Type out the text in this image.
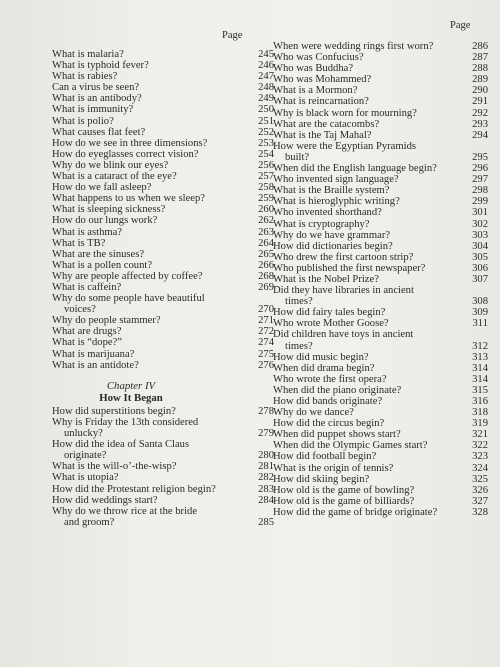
Page
Page
What is malaria?	245
What is typhoid fever?	246
What is rabies?	247
Can a virus be seen?	248
What is an antibody?	249
What is immunity?	250
What is polio?	251
What causes flat feet?	252
How do we see in three dimensions?	253
How do eyeglasses correct vision?	254
Why do we blink our eyes?	256
What is a cataract of the eye?	257
How do we fall asleep?	258
What happens to us when we sleep?	259
What is sleeping sickness?	260
How do our lungs work?	262
What is asthma?	263
What is TB?	264
What are the sinuses?	265
What is a pollen count?	266
Why are people affected by coffee?	268
What is caffein?	269
Why do some people have beautiful
voices?	270
Why do people stammer?	271
What are drugs?	272
What is “dope?”	274
What is marijuana?	275
What is an antidote?	276
Chapter IV
How It Began
How did superstitions begin?	278
Why is Friday the 13th considered
unlucky?	279
How did the idea of Santa Claus
originate?	280
What is the will-o’-the-wisp?	281
What is utopia?	282
How did the Protestant religion begin?	283
How did weddings start?	284
Why do we throw rice at the bride
and groom?	285
When were wedding rings first worn?	286
Who was Confucius?	287
Who was Buddha?	288
Who was Mohammed?	289
What is a Mormon?	290
What is reincarnation?	291
Why is black worn for mourning?	292
What are the catacombs?	293
What is the Taj Mahal?	294
How were the Egyptian Pyramids
built?	295
When did the English language begin?	296
Who invented sign language?	297
What is the Braille system?	298
What is hieroglyphic writing?	299
Who invented shorthand?	301
What is cryptography?	302
Why do we have grammar?	303
How did dictionaries begin?	304
Who drew the first cartoon strip?	305
Who published the first newspaper?	306
What is the Nobel Prize?	307
Did they have libraries in ancient
times?	308
How did fairy tales begin?	309
Who wrote Mother Goose?	311
Did children have toys in ancient
times?	312
How did music begin?	313
When did drama begin?	314
Who wrote the first opera?	314
When did the piano originate?	315
How did bands originate?	316
Why do we dance?	318
How did the circus begin?	319
When did puppet shows start?	321
When did the Olympic Games start?	322
How did football begin?	323
What is the origin of tennis?	324
How did skiing begin?	325
How old is the game of bowling?	326
How old is the game of billiards?	327
How did the game of bridge originate?	328
